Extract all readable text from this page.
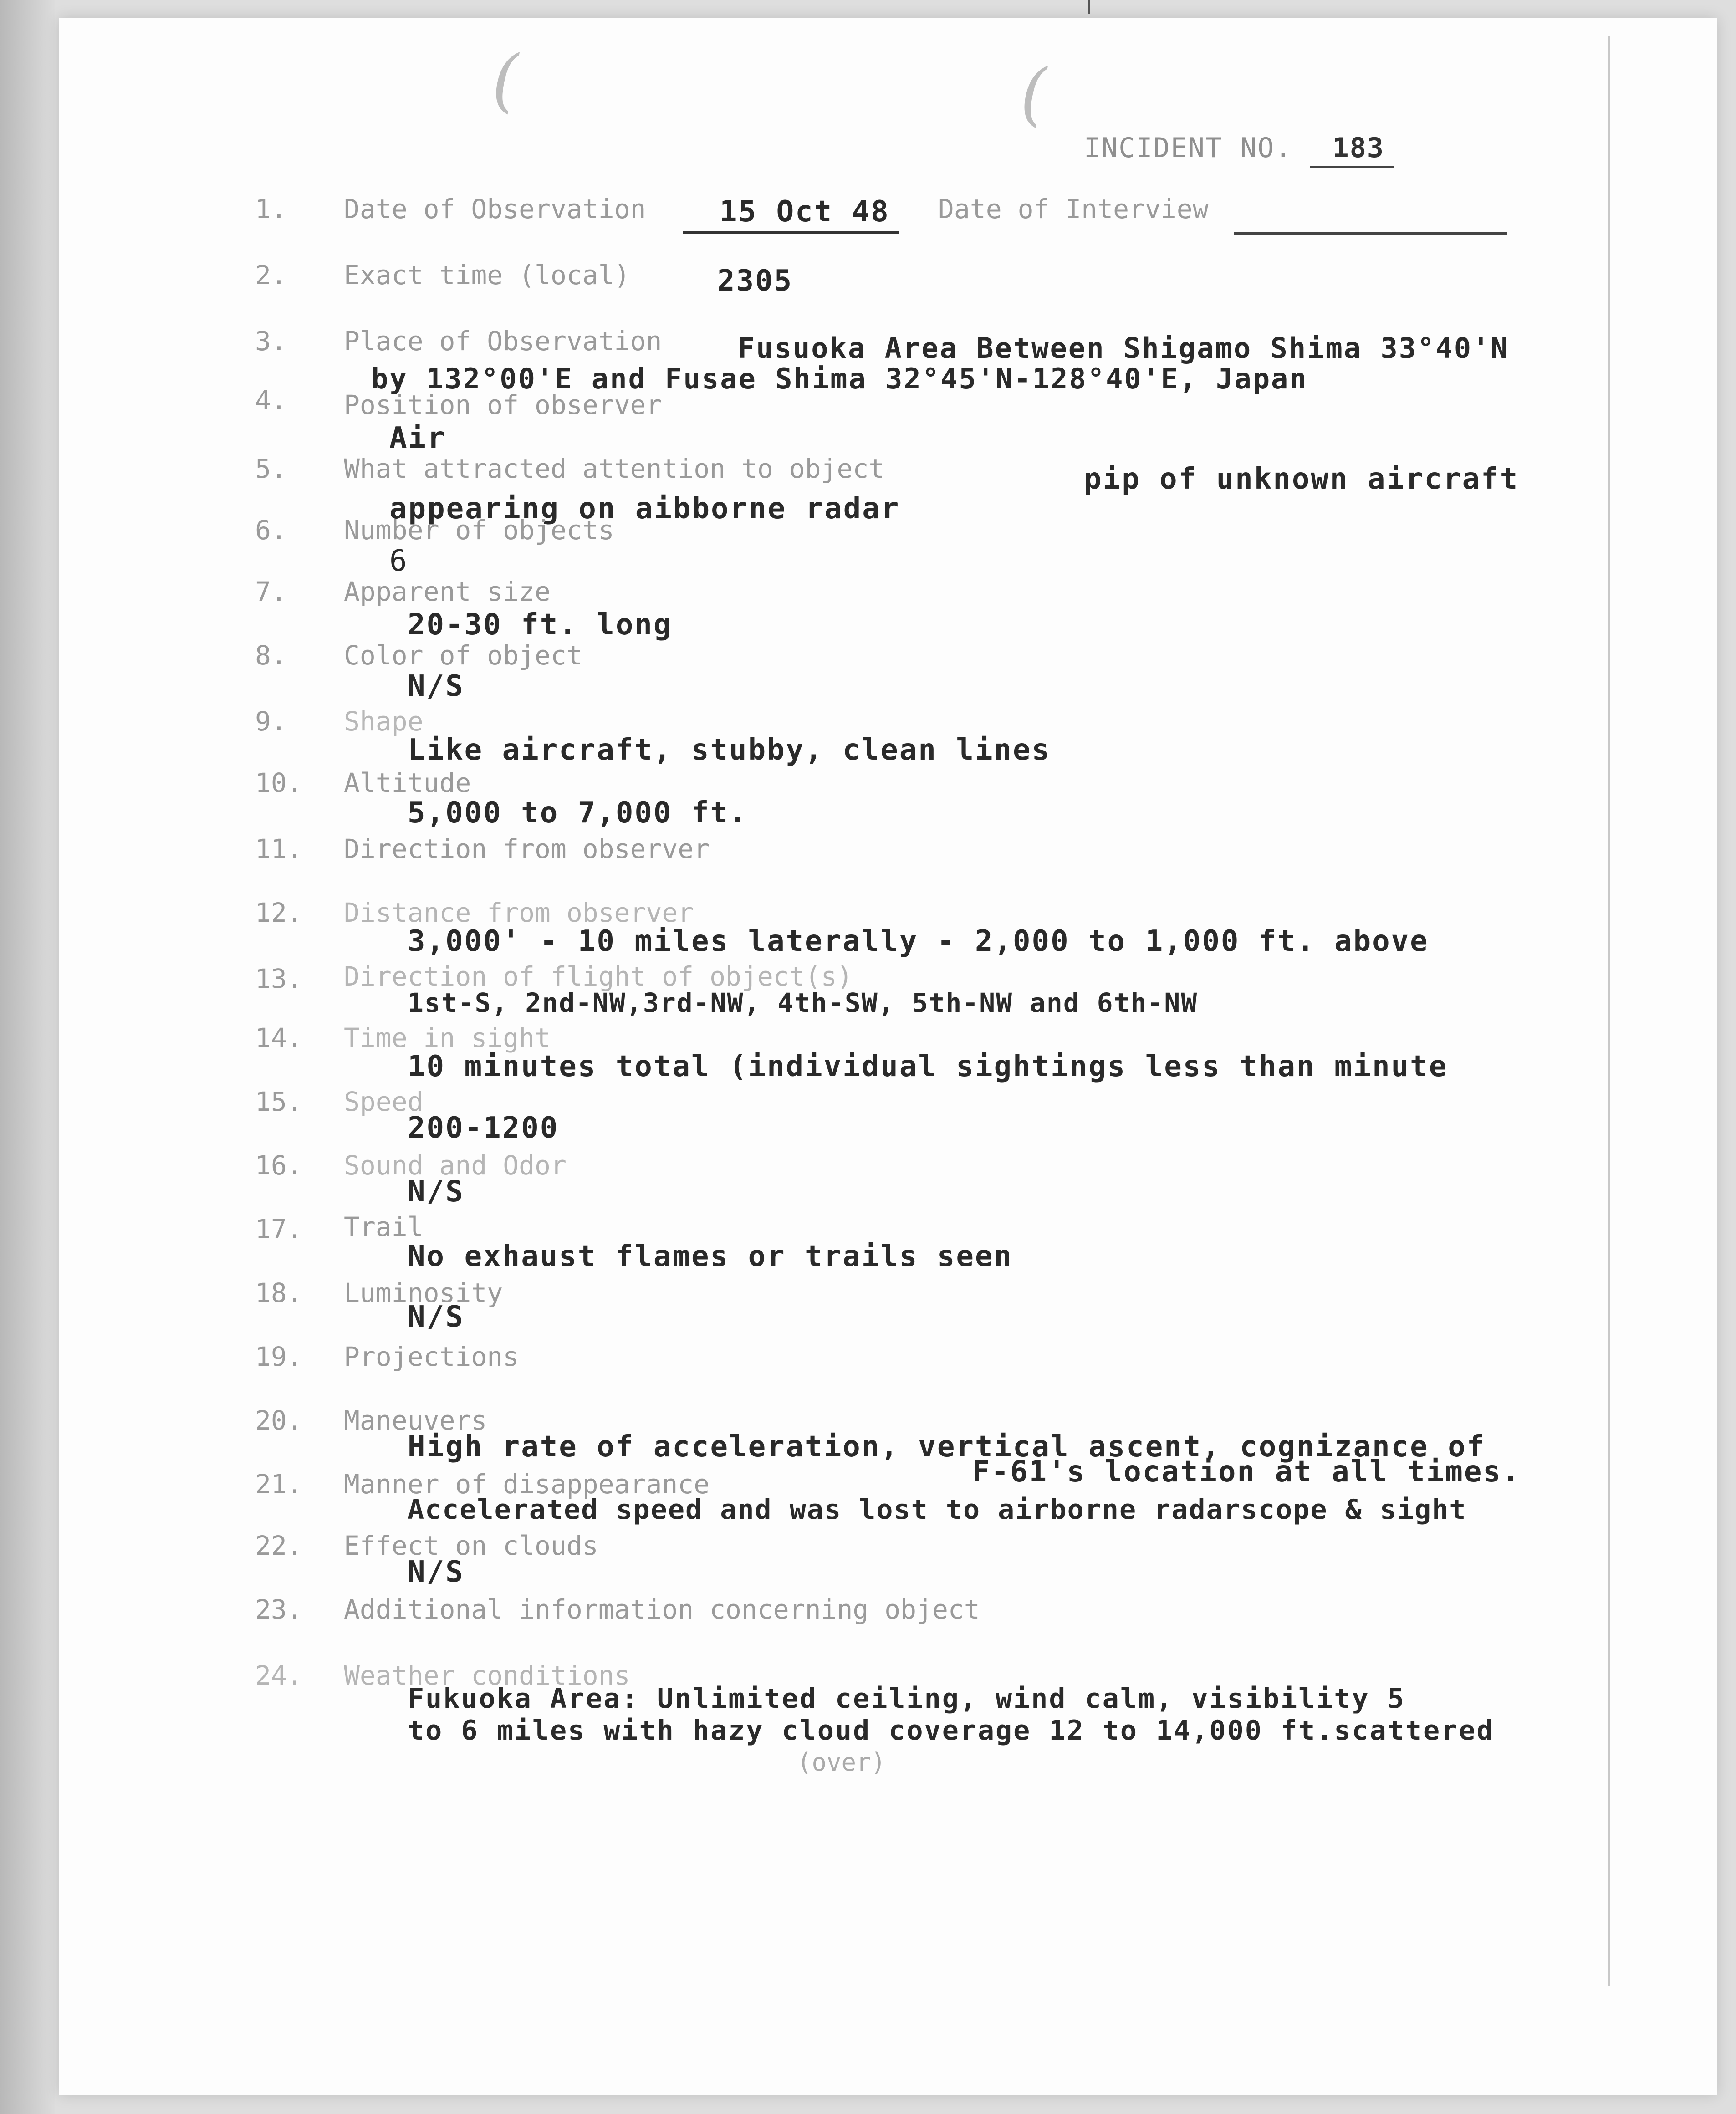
(	(
INCIDENT NO. 183
1. Date of Observation	15 Oct 48	Date of Interview
2. Exact time (local)	2305
3. Place of Observation	Fusuoka Area Between Shigamo Shima 33°40'N
by 132°00'E and Fusae Shima 32°45'N-128°40'E, Japan
4. Position of observer
Air
5. What attracted attention to object	pip of unknown aircraft
appearing on aibborne radar
6. Number of objects
6
7. Apparent size
20-30 ft. long
8. Color of object
N/S
9. Shape
Like aircraft, stubby, clean lines
10. Altitude
5,000 to 7,000 ft.
11. Direction from observer
12. Distance from observer
3,000' - 10 miles laterally - 2,000 to 1,000 ft. above
13. Direction of flight of object(s)
1st-S, 2nd-NW,3rd-NW, 4th-SW, 5th-NW and 6th-NW
14. Time in sight
10 minutes total (individual sightings less than minute
15. Speed
200-1200
16. Sound and Odor
N/S
17. Trail
No exhaust flames or trails seen
18. Luminosity
N/S
19. Projections
20. Maneuvers
High rate of acceleration, vertical ascent, cognizance of
F-61's location at all times.
21. Manner of disappearance
Accelerated speed and was lost to airborne radarscope & sight
22. Effect on clouds
N/S
23. Additional information concerning object
24. Weather conditions
Fukuoka Area: Unlimited ceiling, wind calm, visibility 5
to 6 miles with hazy cloud coverage 12 to 14,000 ft.scattered
(over)
